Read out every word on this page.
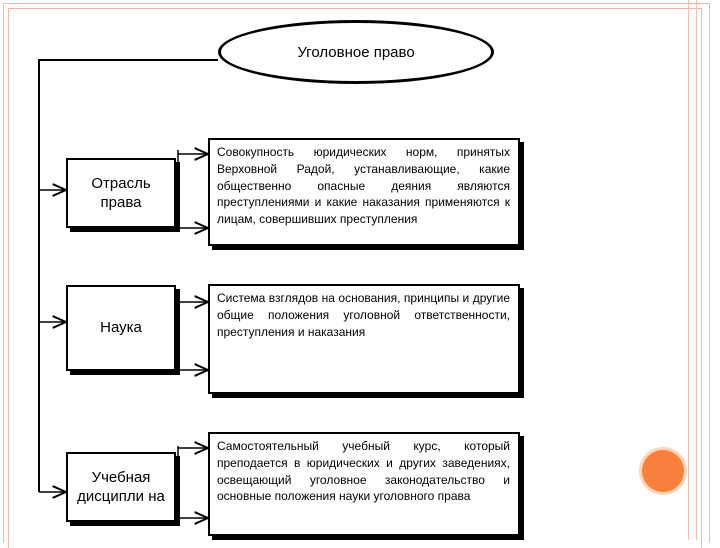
Уголовное право
Отрасль права
Совокупность юридических норм, принятых Верховной Радой, устанавливающие, какие общественно опасные деяния являются преступлениями и какие наказания применяются к лицам, совершивших преступления
Наука
Система взглядов на основания, принципы и другие общие положения уголовной ответственности, преступления и наказания
Учебная дисципли на
Самостоятельный учебный курс, который преподается в юридических и других заведениях, освещающий уголовное законодательство и основные положения науки уголовного права
